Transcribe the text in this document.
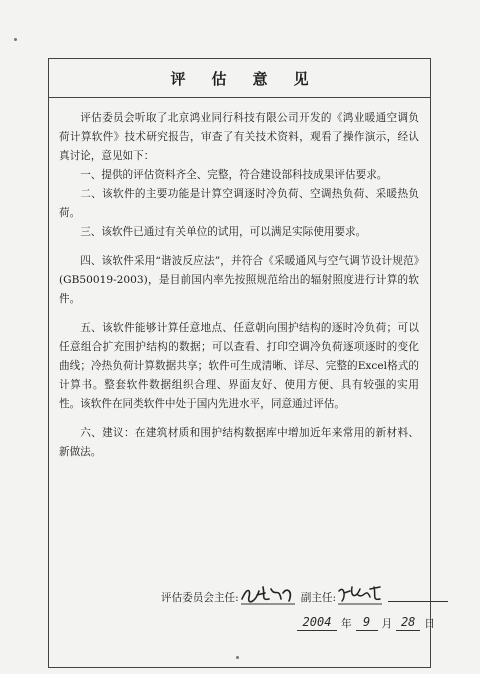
评估意见

评估委员会听取了北京鸿业同行科技有限公司开发的《鸿业暖通空调负荷计算软件》技术研究报告，审查了有关技术资料，观看了操作演示，经认真讨论，意见如下：

一、提供的评估资料齐全、完整，符合建设部科技成果评估要求。

二、该软件的主要功能是计算空调逐时冷负荷、空调热负荷、采暖热负荷。

三、该软件已通过有关单位的试用，可以满足实际使用要求。

四、该软件采用“谐波反应法”，并符合《采暖通风与空气调节设计规范》(GB50019-2003)，是目前国内率先按照规范给出的辐射照度进行计算的软件。

五、该软件能够计算任意地点、任意朝向围护结构的逐时冷负荷；可以任意组合扩充围护结构的数据；可以查看、打印空调冷负荷逐项逐时的变化曲线；冷热负荷计算数据共享；软件可生成清晰、详尽、完整的Excel格式的计算书。整套软件数据组织合理、界面友好、使用方便、具有较强的实用性。该软件在同类软件中处于国内先进水平，同意通过评估。

六、建议：在建筑材质和围护结构数据库中增加近年来常用的新材料、新做法。

评估委员会主任:	副主任:
2004 年 9	月 28 日
